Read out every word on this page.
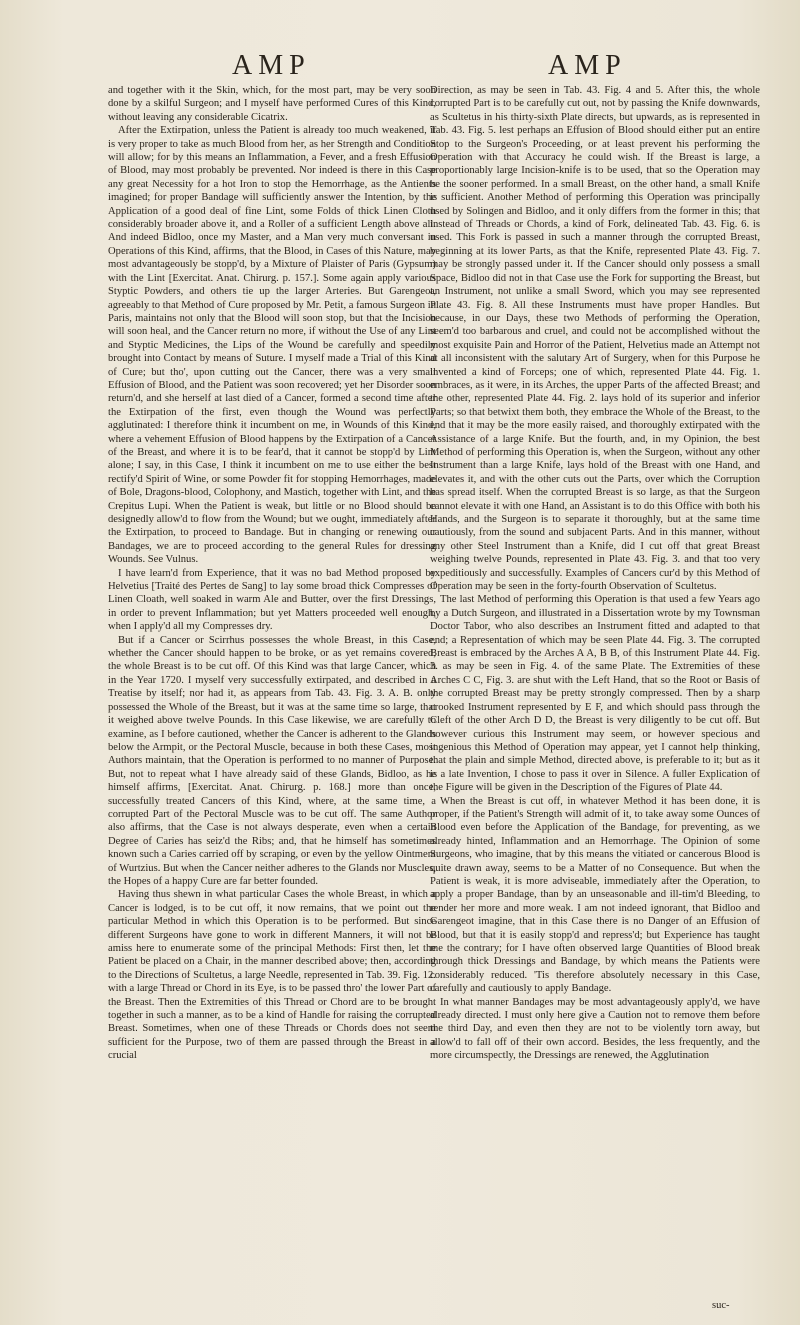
AMP	AMP

and together with it the Skin, which, for the most part, may be very soon done by a skilful Surgeon; and I myself have performed Cures of this Kind, without leaving any considerable Cicatrix.

After the Extirpation, unless the Patient is already too much weakened, it is very proper to take as much Blood from her, as her Strength and Condition will allow; for by this means an Inflammation, a Fever, and a fresh Effusion of Blood, may most probably be prevented. Nor indeed is there in this Case any great Necessity for a hot Iron to stop the Hemorrhage, as the Antients imagined; for proper Bandage will sufficiently answer the Intention, by the Application of a good deal of fine Lint, some Folds of thick Linen Cloth considerably broader above it, and a Roller of a sufficient Length above all. And indeed Bidloo, once my Master, and a Man very much conversant in Operations of this Kind, affirms, that the Blood, in Cases of this Nature, may most advantageously be stopp'd, by a Mixture of Plaister of Paris (Gypsum) with the Lint [Exercitat. Anat. Chirurg. p. 157.]. Some again apply various Styptic Powders, and others tie up the larger Arteries. But Garengeot, agreeably to that Method of Cure proposed by Mr. Petit, a famous Surgeon in Paris, maintains not only that the Blood will soon stop, but that the Incision will soon heal, and the Cancer return no more, if without the Use of any Lint and Styptic Medicines, the Lips of the Wound be carefully and speedily brought into Contact by means of Suture. I myself made a Trial of this Kind of Cure; but tho', upon cutting out the Cancer, there was a very small Effusion of Blood, and the Patient was soon recovered; yet her Disorder soon return'd, and she herself at last died of a Cancer, formed a second time after the Extirpation of the first, even though the Wound was perfectly agglutinated: I therefore think it incumbent on me, in Wounds of this Kind, where a vehement Effusion of Blood happens by the Extirpation of a Cancer of the Breast, and where it is to be fear'd, that it cannot be stopp'd by Lint alone; I say, in this Case, I think it incumbent on me to use either the best rectify'd Spirit of Wine, or some Powder fit for stopping Hemorrhages, made of Bole, Dragons-blood, Colophony, and Mastich, together with Lint, and the Crepitus Lupi. When the Patient is weak, but little or no Blood should be designedly allow'd to flow from the Wound; but we ought, immediately after the Extirpation, to proceed to Bandage. But in changing or renewing our Bandages, we are to proceed according to the general Rules for dressing Wounds. See Vulnus.

I have learn'd from Experience, that it was no bad Method proposed by Helvetius [Traité des Pertes de Sang] to lay some broad thick Compresses of Linen Cloath, well soaked in warm Ale and Butter, over the first Dressings, in order to prevent Inflammation; but yet Matters proceeded well enough, when I apply'd all my Compresses dry.

But if a Cancer or Scirrhus possesses the whole Breast, in this Case, whether the Cancer should happen to be broke, or as yet remains covered, the whole Breast is to be cut off. Of this Kind was that large Cancer, which in the Year 1720. I myself very successfully extirpated, and described in a Treatise by itself; nor had it, as appears from Tab. 43. Fig. 3. A. B. only possessed the Whole of the Breast, but it was at the same time so large, that it weighed above twelve Pounds. In this Case likewise, we are carefully to examine, as I before cautioned, whether the Cancer is adherent to the Glands below the Armpit, or the Pectoral Muscle, because in both these Cases, most Authors maintain, that the Operation is performed to no manner of Purpose. But, not to repeat what I have already said of these Glands, Bidloo, as he himself affirms, [Exercitat. Anat. Chirurg. p. 168.] more than once, successfully treated Cancers of this Kind, where, at the same time, a corrupted Part of the Pectoral Muscle was to be cut off. The same Author also affirms, that the Case is not always desperate, even when a certain Degree of Caries has seiz'd the Ribs; and, that he himself has sometimes known such a Caries carried off by scraping, or even by the yellow Ointment of Wurtzius. But when the Cancer neither adheres to the Glands nor Muscles, the Hopes of a happy Cure are far better founded.

Having thus shewn in what particular Cases the whole Breast, in which a Cancer is lodged, is to be cut off, it now remains, that we point out the particular Method in which this Operation is to be performed. But since different Surgeons have gone to work in different Manners, it will not be amiss here to enumerate some of the principal Methods: First then, let the Patient be placed on a Chair, in the manner described above; then, according to the Directions of Scultetus, a large Needle, represented in Tab. 39. Fig. 12. with a large Thread or Chord in its Eye, is to be passed thro' the lower Part of the Breast. Then the Extremities of this Thread or Chord are to be brought together in such a manner, as to be a kind of Handle for raising the corrupted Breast. Sometimes, when one of these Threads or Chords does not seem sufficient for the Purpose, two of them are passed through the Breast in a crucial

Direction, as may be seen in Tab. 43. Fig. 4 and 5. After this, the whole corrupted Part is to be carefully cut out, not by passing the Knife downwards, as Scultetus in his thirty-sixth Plate directs, but upwards, as is represented in Tab. 43. Fig. 5. lest perhaps an Effusion of Blood should either put an entire Stop to the Surgeon's Proceeding, or at least prevent his performing the Operation with that Accuracy he could wish. If the Breast is large, a proportionably large Incision-knife is to be used, that so the Operation may be the sooner performed. In a small Breast, on the other hand, a small Knife is sufficient. Another Method of performing this Operation was principally used by Solingen and Bidloo, and it only differs from the former in this; that instead of Threads or Chords, a kind of Fork, delineated Tab. 43. Fig. 6. is used. This Fork is passed in such a manner through the corrupted Breast, beginning at its lower Parts, as that the Knife, represented Plate 43. Fig. 7. may be strongly passed under it. If the Cancer should only possess a small Space, Bidloo did not in that Case use the Fork for supporting the Breast, but an Instrument, not unlike a small Sword, which you may see represented Plate 43. Fig. 8. All these Instruments must have proper Handles. But because, in our Days, these two Methods of performing the Operation, seem'd too barbarous and cruel, and could not be accomplished without the most exquisite Pain and Horror of the Patient, Helvetius made an Attempt not at all inconsistent with the salutary Art of Surgery, when for this Purpose he invented a kind of Forceps; one of which, represented Plate 44. Fig. 1. embraces, as it were, in its Arches, the upper Parts of the affected Breast; and the other, represented Plate 44. Fig. 2. lays hold of its superior and inferior Parts; so that betwixt them both, they embrace the Whole of the Breast, to the end that it may be the more easily raised, and thoroughly extirpated with the Assistance of a large Knife. But the fourth, and, in my Opinion, the best Method of performing this Operation is, when the Surgeon, without any other Instrument than a large Knife, lays hold of the Breast with one Hand, and elevates it, and with the other cuts out the Parts, over which the Corruption has spread itself. When the corrupted Breast is so large, as that the Surgeon cannot elevate it with one Hand, an Assistant is to do this Office with both his Hands, and the Surgeon is to separate it thoroughly, but at the same time cautiously, from the sound and subjacent Parts. And in this manner, without any other Steel Instrument than a Knife, did I cut off that great Breast weighing twelve Pounds, represented in Plate 43. Fig. 3. and that too very expeditiously and successfully. Examples of Cancers cur'd by this Method of Operation may be seen in the forty-fourth Observation of Scultetus.

The last Method of performing this Operation is that used a few Years ago by a Dutch Surgeon, and illustrated in a Dissertation wrote by my Townsman Doctor Tabor, who also describes an Instrument fitted and adapted to that end; a Representation of which may be seen Plate 44. Fig. 3. The corrupted Breast is embraced by the Arches A A, B B, of this Instrument Plate 44. Fig. 3. as may be seen in Fig. 4. of the same Plate. The Extremities of these Arches C C, Fig. 3. are shut with the Left Hand, that so the Root or Basis of the corrupted Breast may be pretty strongly compressed. Then by a sharp crooked Instrument represented by E F, and which should pass through the Cleft of the other Arch D D, the Breast is very diligently to be cut off. But however curious this Instrument may seem, or however specious and ingenious this Method of Operation may appear, yet I cannot help thinking, that the plain and simple Method, directed above, is preferable to it; but as it is a late Invention, I chose to pass it over in Silence. A fuller Explication of the Figure will be given in the Description of the Figures of Plate 44.

When the Breast is cut off, in whatever Method it has been done, it is proper, if the Patient's Strength will admit of it, to take away some Ounces of Blood even before the Application of the Bandage, for preventing, as we already hinted, Inflammation and an Hemorrhage. The Opinion of some Surgeons, who imagine, that by this means the vitiated or cancerous Blood is quite drawn away, seems to be a Matter of no Consequence. But when the Patient is weak, it is more adviseable, immediately after the Operation, to apply a proper Bandage, than by an unseasonable and ill-tim'd Bleeding, to render her more and more weak. I am not indeed ignorant, that Bidloo and Garengeot imagine, that in this Case there is no Danger of an Effusion of Blood, but that it is easily stopp'd and repress'd; but Experience has taught me the contrary; for I have often observed large Quantities of Blood break through thick Dressings and Bandage, by which means the Patients were considerably reduced. 'Tis therefore absolutely necessary in this Case, carefully and cautiously to apply Bandage.

In what manner Bandages may be most advantageously apply'd, we have already directed. I must only here give a Caution not to remove them before the third Day, and even then they are not to be violently torn away, but allow'd to fall off of their own accord. Besides, the less frequently, and the more circumspectly, the Dressings are renewed, the Agglutination

suc-
